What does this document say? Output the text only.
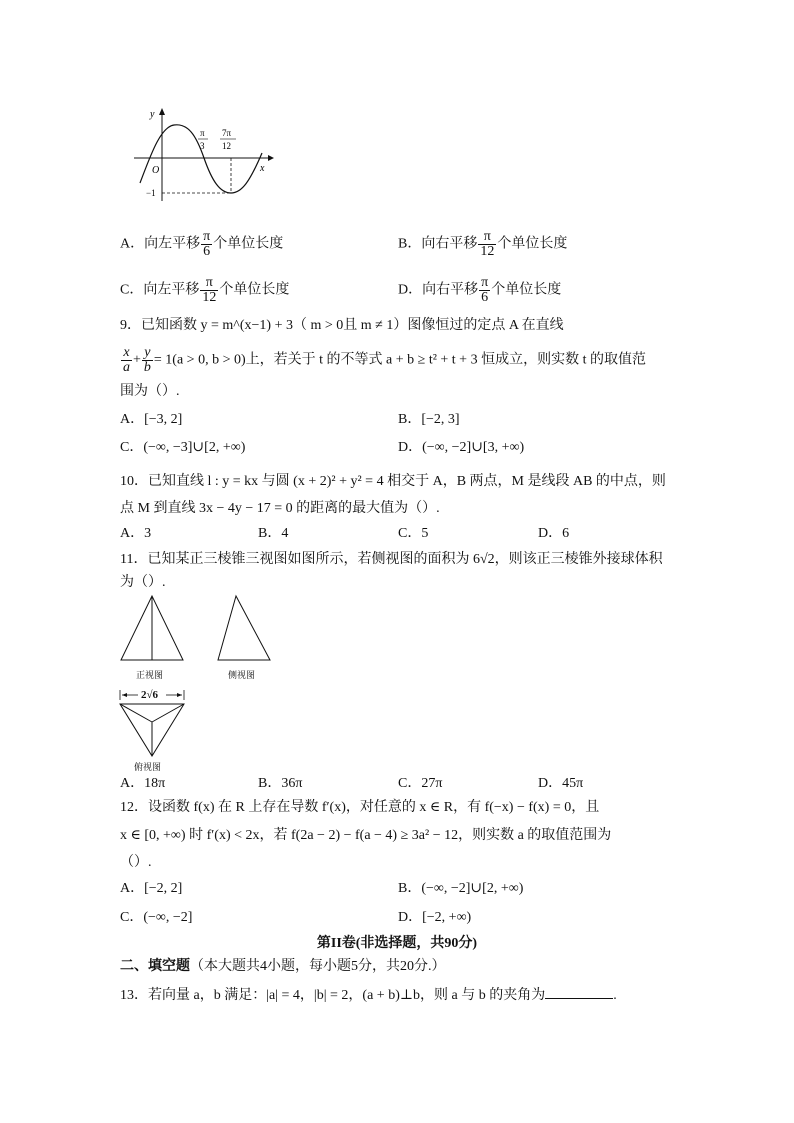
y
x
O
π
3
7π
12
−1
A．向左平移 $\frac{\pi}{6}$ 个单位长度	B．向右平移 $\frac{\pi}{12}$ 个单位长度
C．向左平移 $\frac{\pi}{12}$ 个单位长度	D．向右平移 $\frac{\pi}{6}$ 个单位长度
9．已知函数 y = m^(x−1) + 3（ m > 0且 m ≠ 1）图像恒过的定点 A 在直线
$\frac{x}{a} + \frac{y}{b} = 1(a > 0$, b > 0)上，若关于 t 的不等式 a + b ≥ t² + t + 3 恒成立，则实数 t 的取值范
围为（）.
A．[−3, 2]	B．[−2, 3]
C．(−∞, −3]∪[2, +∞)	D．(−∞, −2]∪[3, +∞)
10．已知直线 l : y = kx 与圆 (x + 2)² + y² = 4 相交于 A，B 两点，M 是线段 AB 的中点，则
点 M 到直线 3x − 4y − 17 = 0 的距离的最大值为（）.
A．3	B．4	C．5	D．6
11．已知某正三棱锥三视图如图所示，若侧视图的面积为 6√2，则该正三棱锥外接球体积
为（）.
正视图	侧视图
2√6
俯视图
A．18π	B．36π	C．27π	D．45π
12．设函数 f(x) 在 R 上存在导数 f′(x)，对任意的 x ∈ R，有 f(−x) − f(x) = 0，且
x ∈ [0, +∞) 时 f′(x) < 2x，若 f(2a − 2) − f(a − 4) ≥ 3a² − 12，则实数 a 的取值范围为
（）.
A．[−2, 2]	B．(−∞, −2]∪[2, +∞)
C．(−∞, −2]	D．[−2, +∞)
第II卷(非选择题，共90分)
二、填空题（本大题共4小题，每小题5分，共20分.）
13．若向量 a，b 满足：|a| = 4，|b| = 2，(a + b)⊥b，则 a 与 b 的夹角为	.
